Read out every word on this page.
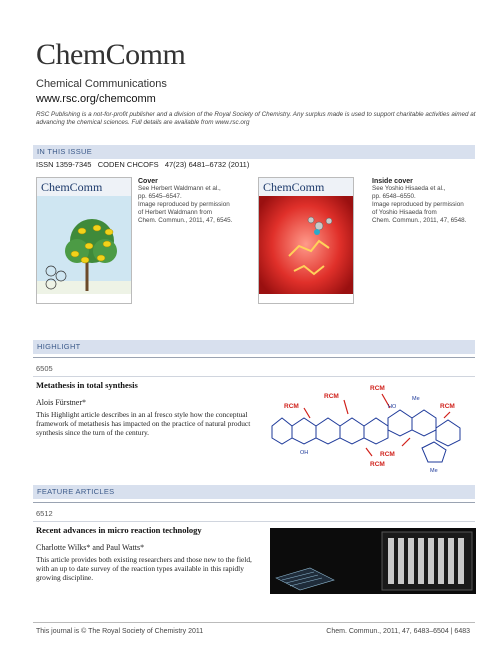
ChemComm
Chemical Communications
www.rsc.org/chemcomm
RSC Publishing is a not-for-profit publisher and a division of the Royal Society of Chemistry. Any surplus made is used to support charitable activities aimed at advancing the chemical sciences. Full details are available from www.rsc.org
IN THIS ISSUE
ISSN 1359-7345 CODEN CHCOFS 47(23) 6481–6732 (2011)
ChemComm	Cover
See Herbert Waldmann et al.,
pp. 6545–6547.
Image reproduced by permission
of Herbert Waldmann from
Chem. Commun., 2011, 47, 6545.
ChemComm	Inside cover
See Yoshio Hisaeda et al.,
pp. 6548–6550.
Image reproduced by permission
of Yoshio Hisaeda from
Chem. Commun., 2011, 47, 6548.
HIGHLIGHT
6505
Metathesis in total synthesis
Alois Fürstner*
This Highlight article describes in an al fresco style how the conceptual framework of metathesis has impacted on the practice of natural product synthesis since the turn of the century.
RCM
RCM
RCM
RCM
RCM
RCM
Me
Me
OH
HO
FEATURE ARTICLES
6512
Recent advances in micro reaction technology
Charlotte Wilks* and Paul Watts*
This article provides both existing researchers and those new to the field, with an up to date survey of the reaction types available in this rapidly growing discipline.
This journal is © The Royal Society of Chemistry 2011	Chem. Commun., 2011, 47, 6483–6504 | 6483
